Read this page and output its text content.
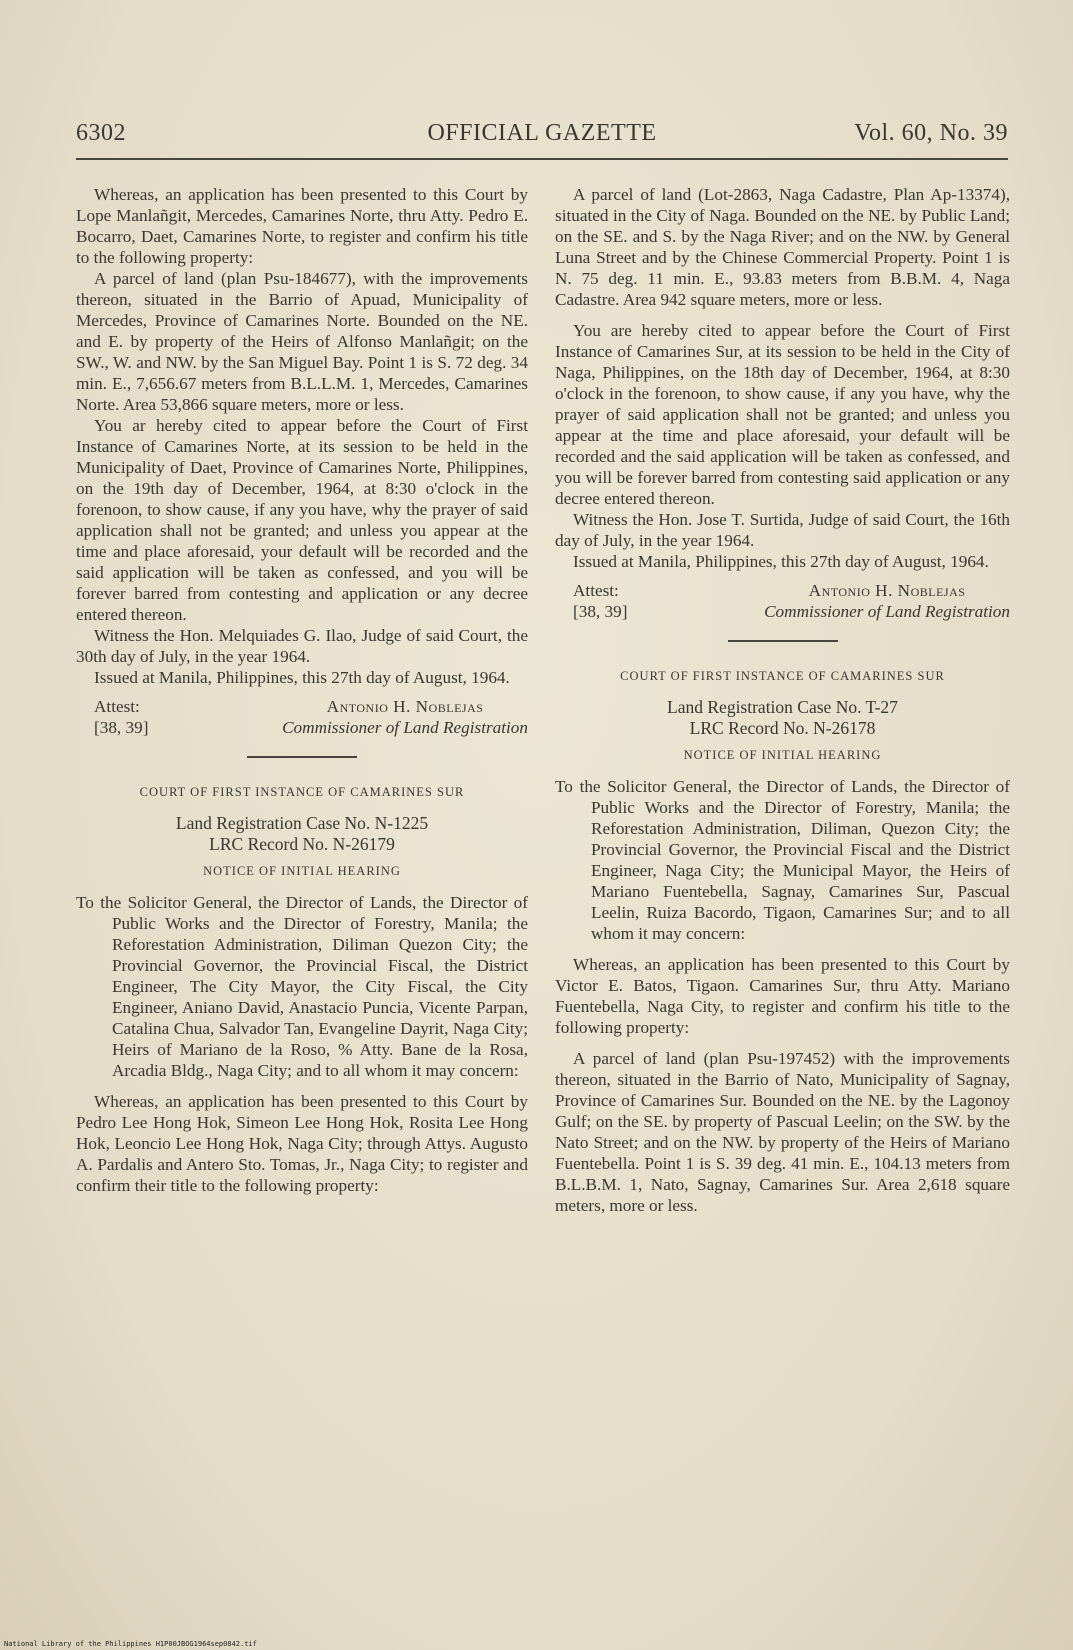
6302	OFFICIAL GAZETTE	Vol. 60, No. 39

Whereas, an application has been presented to this Court by Lope Manlañgit, Mercedes, Camarines Norte, thru Atty. Pedro E. Bocarro, Daet, Camarines Norte, to register and confirm his title to the following property:

A parcel of land (plan Psu-184677), with the improvements thereon, situated in the Barrio of Apuad, Municipality of Mercedes, Province of Camarines Norte. Bounded on the NE. and E. by property of the Heirs of Alfonso Manlañgit; on the SW., W. and NW. by the San Miguel Bay. Point 1 is S. 72 deg. 34 min. E., 7,656.67 meters from B.L.L.M. 1, Mercedes, Camarines Norte. Area 53,866 square meters, more or less.

You ar hereby cited to appear before the Court of First Instance of Camarines Norte, at its session to be held in the Municipality of Daet, Province of Camarines Norte, Philippines, on the 19th day of December, 1964, at 8:30 o'clock in the forenoon, to show cause, if any you have, why the prayer of said application shall not be granted; and unless you appear at the time and place aforesaid, your default will be recorded and the said application will be taken as confessed, and you will be forever barred from contesting and application or any decree entered thereon.

Witness the Hon. Melquiades G. Ilao, Judge of said Court, the 30th day of July, in the year 1964.

Issued at Manila, Philippines, this 27th day of August, 1964.

Attest:
[38, 39]
Antonio H. Noblejas
Commissioner of Land Registration
COURT OF FIRST INSTANCE OF CAMARINES SUR
Land Registration Case No. N-1225
LRC Record No. N-26179
NOTICE OF INITIAL HEARING

To the Solicitor General, the Director of Lands, the Director of Public Works and the Director of Forestry, Manila; the Reforestation Administration, Diliman Quezon City; the Provincial Governor, the Provincial Fiscal, the District Engineer, The City Mayor, the City Fiscal, the City Engineer, Aniano David, Anastacio Puncia, Vicente Parpan, Catalina Chua, Salvador Tan, Evangeline Dayrit, Naga City; Heirs of Mariano de la Roso, % Atty. Bane de la Rosa, Arcadia Bldg., Naga City; and to all whom it may concern:

Whereas, an application has been presented to this Court by Pedro Lee Hong Hok, Simeon Lee Hong Hok, Rosita Lee Hong Hok, Leoncio Lee Hong Hok, Naga City; through Attys. Augusto A. Pardalis and Antero Sto. Tomas, Jr., Naga City; to register and confirm their title to the following property:

A parcel of land (Lot-2863, Naga Cadastre, Plan Ap-13374), situated in the City of Naga. Bounded on the NE. by Public Land; on the SE. and S. by the Naga River; and on the NW. by General Luna Street and by the Chinese Commercial Property. Point 1 is N. 75 deg. 11 min. E., 93.83 meters from B.B.M. 4, Naga Cadastre. Area 942 square meters, more or less.

You are hereby cited to appear before the Court of First Instance of Camarines Sur, at its session to be held in the City of Naga, Philippines, on the 18th day of December, 1964, at 8:30 o'clock in the forenoon, to show cause, if any you have, why the prayer of said application shall not be granted; and unless you appear at the time and place aforesaid, your default will be recorded and the said application will be taken as confessed, and you will be forever barred from contesting said application or any decree entered thereon.

Witness the Hon. Jose T. Surtida, Judge of said Court, the 16th day of July, in the year 1964.

Issued at Manila, Philippines, this 27th day of August, 1964.

Attest:
[38, 39]
Antonio H. Noblejas
Commissioner of Land Registration
COURT OF FIRST INSTANCE OF CAMARINES SUR
Land Registration Case No. T-27
LRC Record No. N-26178
NOTICE OF INITIAL HEARING

To the Solicitor General, the Director of Lands, the Director of Public Works and the Director of Forestry, Manila; the Reforestation Administration, Diliman, Quezon City; the Provincial Governor, the Provincial Fiscal and the District Engineer, Naga City; the Municipal Mayor, the Heirs of Mariano Fuentebella, Sagnay, Camarines Sur, Pascual Leelin, Ruiza Bacordo, Tigaon, Camarines Sur; and to all whom it may concern:

Whereas, an application has been presented to this Court by Victor E. Batos, Tigaon. Camarines Sur, thru Atty. Mariano Fuentebella, Naga City, to register and confirm his title to the following property:

A parcel of land (plan Psu-197452) with the improvements thereon, situated in the Barrio of Nato, Municipality of Sagnay, Province of Camarines Sur. Bounded on the NE. by the Lagonoy Gulf; on the SE. by property of Pascual Leelin; on the SW. by the Nato Street; and on the NW. by property of the Heirs of Mariano Fuentebella. Point 1 is S. 39 deg. 41 min. E., 104.13 meters from B.L.B.M. 1, Nato, Sagnay, Camarines Sur. Area 2,618 square meters, more or less.

National Library of the Philippines H1P00JBOG1964sep0842.tif
